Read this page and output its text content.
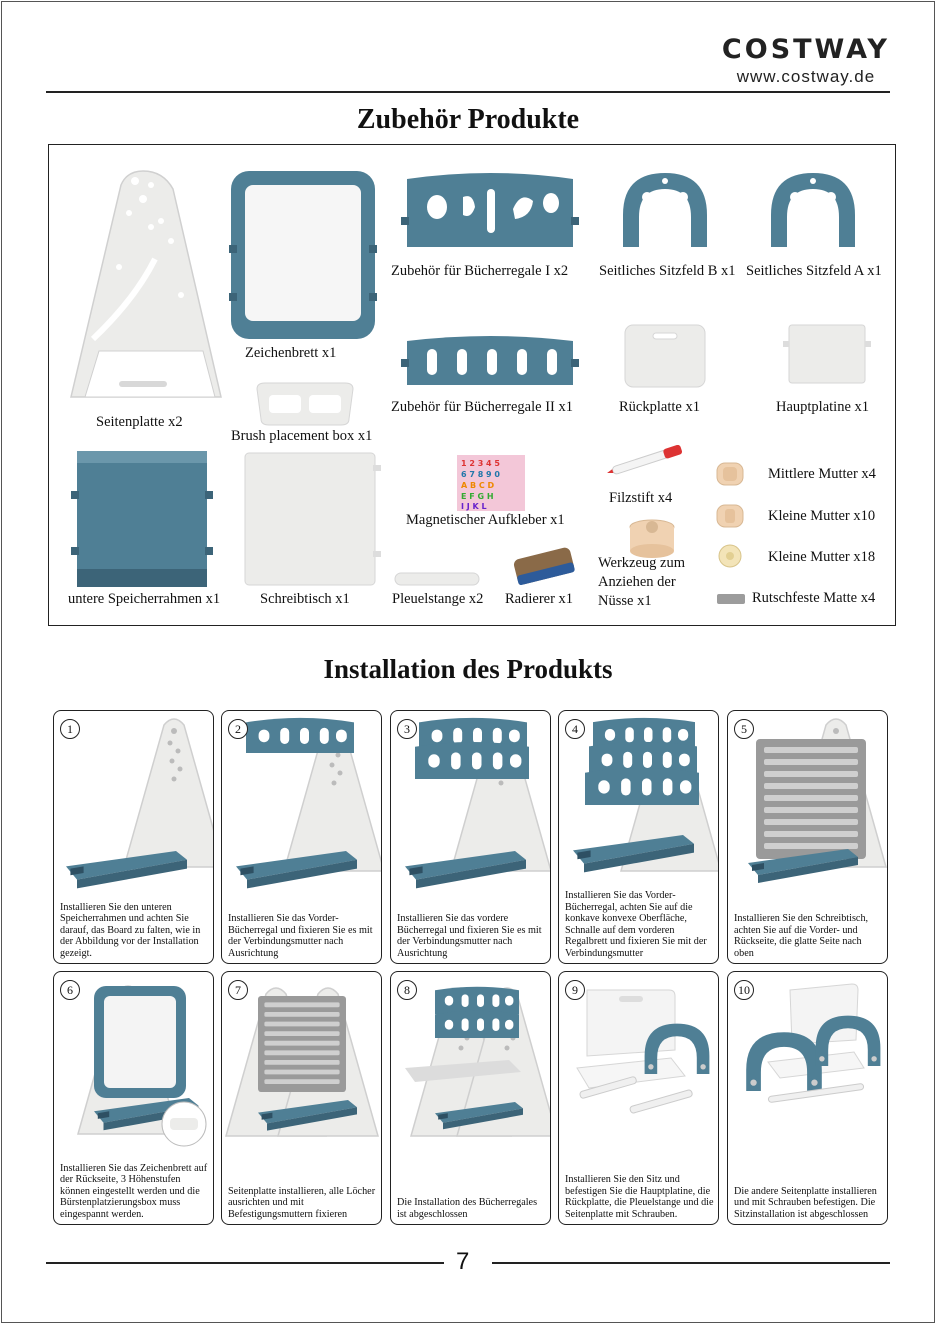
COSTWAY
www.costway.de
Zubehör Produkte
Seitenplatte x2
Zeichenbrett x1
Zubehör für Bücherregale I x2 Seitliches Sitzfeld B x1 Seitliches Sitzfeld A x1
Zubehör für Bücherregale II x1	Rückplatte x1	Hauptplatine x1
Brush placement box x1
untere Speicherrahmen x1	Schreibtisch x1
1 2 3 4 5
6 7 8 9 0
A B C D
E F G H
I J K L
Magnetischer Aufkleber x1
Pleuelstange x2 Radierer x1
Filzstift x4
Werkzeug zum Anziehen der Nüsse x1
Mittlere Mutter x4
Kleine Mutter x10
Kleine Mutter x18
Rutschfeste Matte x4
Installation des Produkts
1
Installieren Sie den unteren Speicherrahmen und achten Sie darauf, das Board zu falten, wie in der Abbildung vor der Installation gezeigt.
2
Installieren Sie das Vorder-Bücherregal und fixieren Sie es mit der Verbindungsmutter nach Ausrichtung
3
Installieren Sie das vordere Bücherregal und fixieren Sie es mit der Verbindungsmutter nach Ausrichtung
4
Installieren Sie das Vorder-Bücherregal, achten Sie auf die konkave konvexe Oberfläche, Schnalle auf dem vorderen Regalbrett und fixieren Sie mit der Verbindungsmutter
5
Installieren Sie den Schreibtisch, achten Sie auf die Vorder- und Rückseite, die glatte Seite nach oben
6
Installieren Sie das Zeichenbrett auf der Rückseite, 3 Höhenstufen können eingestellt werden und die Bürstenplatzierungsbox muss eingespannt werden.
7
Seitenplatte installieren, alle Löcher ausrichten und mit Befestigungsmuttern fixieren
8
Die Installation des Bücherregales ist abgeschlossen
9
Installieren Sie den Sitz und befestigen Sie die Hauptplatine, die Rückplatte, die Pleuelstange und die Seitenplatte mit Schrauben.
10
Die andere Seitenplatte installieren und mit Schrauben befestigen. Die Sitzinstallation ist abgeschlossen
7
